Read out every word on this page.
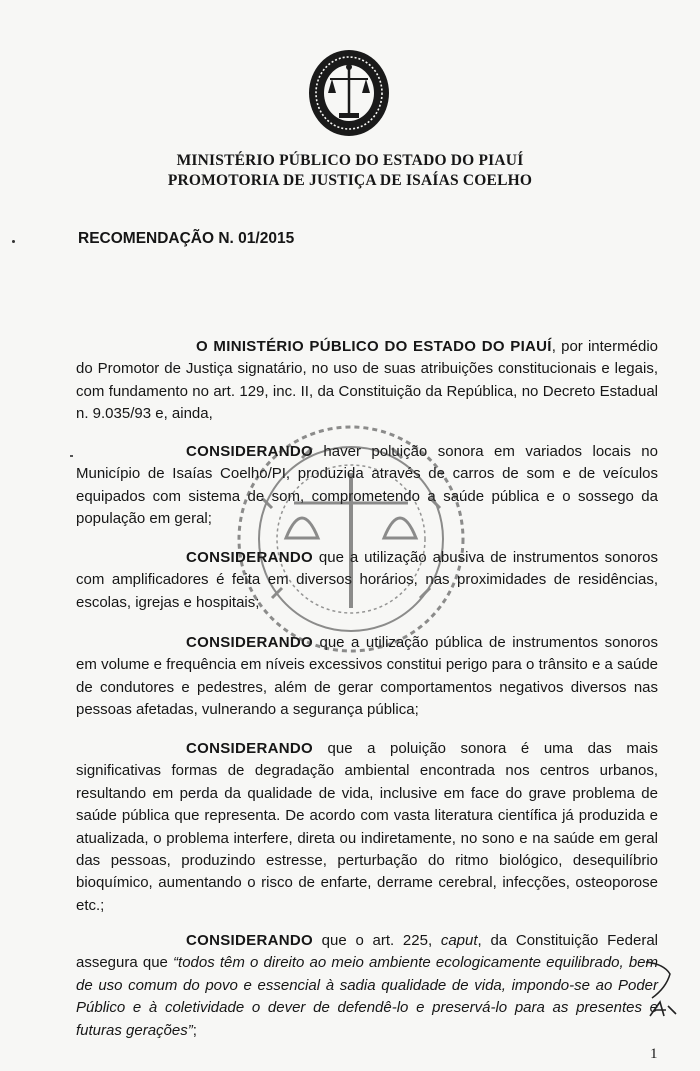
MINISTÉRIO PÚBLICO DO ESTADO DO PIAUÍ
PROMOTORIA DE JUSTIÇA DE ISAÍAS COELHO
RECOMENDAÇÃO N. 01/2015

O MINISTÉRIO PÚBLICO DO ESTADO DO PIAUÍ, por intermédio do Promotor de Justiça signatário, no uso de suas atribuições constitucionais e legais, com fundamento no art. 129, inc. II, da Constituição da República, no Decreto Estadual n. 9.035/93 e, ainda,

CONSIDERANDO haver poluição sonora em variados locais no Município de Isaías Coelho/PI, produzida através de carros de som e de veículos equipados com sistema de som, comprometendo a saúde pública e o sossego da população em geral;

CONSIDERANDO que a utilização abusiva de instrumentos sonoros com amplificadores é feita em diversos horários, nas proximidades de residências, escolas, igrejas e hospitais;

CONSIDERANDO que a utilização pública de instrumentos sonoros em volume e frequência em níveis excessivos constitui perigo para o trânsito e a saúde de condutores e pedestres, além de gerar comportamentos negativos diversos nas pessoas afetadas, vulnerando a segurança pública;

CONSIDERANDO que a poluição sonora é uma das mais significativas formas de degradação ambiental encontrada nos centros urbanos, resultando em perda da qualidade de vida, inclusive em face do grave problema de saúde pública que representa. De acordo com vasta literatura científica já produzida e atualizada, o problema interfere, direta ou indiretamente, no sono e na saúde em geral das pessoas, produzindo estresse, perturbação do ritmo biológico, desequilíbrio bioquímico, aumentando o risco de enfarte, derrame cerebral, infecções, osteoporose etc.;

CONSIDERANDO que o art. 225, caput, da Constituição Federal assegura que “todos têm o direito ao meio ambiente ecologicamente equilibrado, bem de uso comum do povo e essencial à sadia qualidade de vida, impondo-se ao Poder Público e à coletividade o dever de defendê-lo e preservá-lo para as presentes e futuras gerações”;

1
